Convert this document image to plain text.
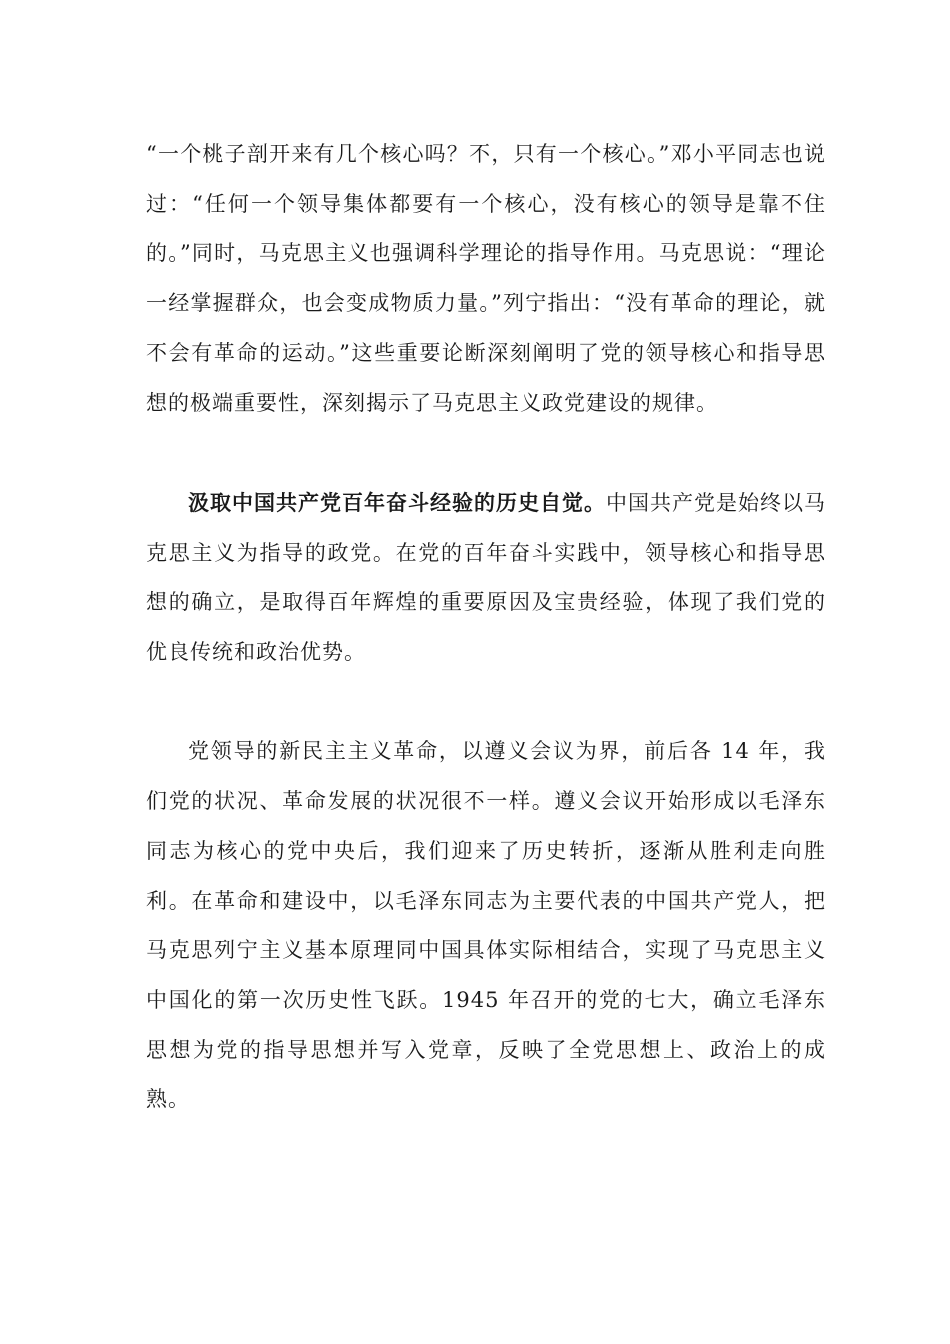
“一个桃子剖开来有几个核心吗？不，只有一个核心。”邓小平同志也说过：“任何一个领导集体都要有一个核心，没有核心的领导是靠不住的。”同时，马克思主义也强调科学理论的指导作用。马克思说：“理论一经掌握群众，也会变成物质力量。”列宁指出：“没有革命的理论，就不会有革命的运动。”这些重要论断深刻阐明了党的领导核心和指导思想的极端重要性，深刻揭示了马克思主义政党建设的规律。

汲取中国共产党百年奋斗经验的历史自觉。中国共产党是始终以马克思主义为指导的政党。在党的百年奋斗实践中，领导核心和指导思想的确立，是取得百年辉煌的重要原因及宝贵经验，体现了我们党的优良传统和政治优势。

党领导的新民主主义革命，以遵义会议为界，前后各 14 年，我们党的状况、革命发展的状况很不一样。遵义会议开始形成以毛泽东同志为核心的党中央后，我们迎来了历史转折，逐渐从胜利走向胜利。在革命和建设中，以毛泽东同志为主要代表的中国共产党人，把马克思列宁主义基本原理同中国具体实际相结合，实现了马克思主义中国化的第一次历史性飞跃。1945 年召开的党的七大，确立毛泽东思想为党的指导思想并写入党章，反映了全党思想上、政治上的成熟。
